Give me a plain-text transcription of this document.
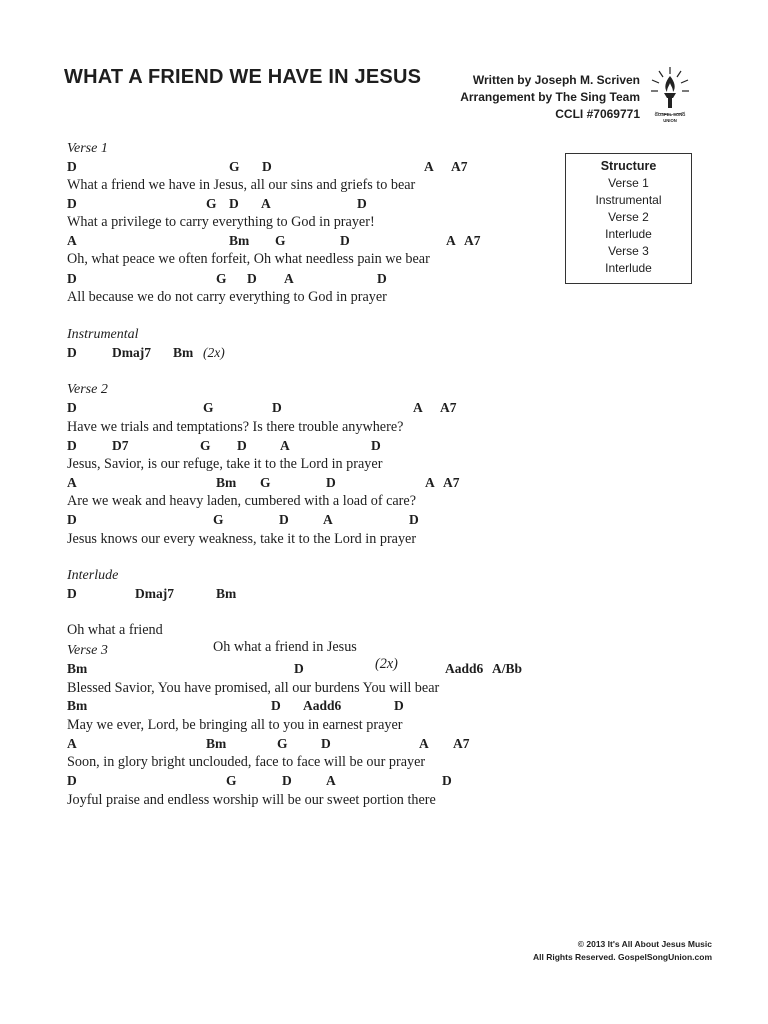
WHAT A FRIEND WE HAVE IN JESUS	Written by Joseph M. Scriven
Arrangement by The Sing Team
CCLI #7069771	GOSPEL SONG
UNION
Structure
Verse 1
Instrumental
Verse 2
Interlude
Verse 3
Interlude
Verse 1

D

	G

D

	A

A7

What a friend we have in Jesus, all our sins and griefs to bear

D

	G

D

A

	D

What a privilege to carry everything to God in prayer!

A

	Bm

G

	D

	A

A7

Oh, what peace we often forfeit, Oh what needless pain we bear

D

	G

D

A

	D

All because we do not carry everything to God in prayer
Instrumental

D

	Dmaj7

Bm

(2x)

Verse 2

D

	G

	D

	A

A7

Have we trials and temptations? Is there trouble anywhere?

D

	D7

	G

D

A

	D

Jesus, Savior, is our refuge, take it to the Lord in prayer

A

	Bm

G

	D

	A

A7

Are we weak and heavy laden, cumbered with a load of care?

D

	G

	D

	A

	D

Jesus knows our every weakness, take it to the Lord in prayer
Interlude

D

	Dmaj7

	Bm

Oh what a friend

Oh what a friend in Jesus

(2x)

Verse 3

Bm

	D

	Aadd6

A/Bb

Blessed Savior, You have promised, all our burdens You will bear

Bm

	D

Aadd6

	D

May we ever, Lord, be bringing all to you in earnest prayer

A

	Bm

	G

D

	A

A7

Soon, in glory bright unclouded, face to face will be our prayer

D

	G

	D

	A

	D

Joyful praise and endless worship will be our sweet portion there
© 2013 It's All About Jesus Music
All Rights Reserved. GospelSongUnion.com
